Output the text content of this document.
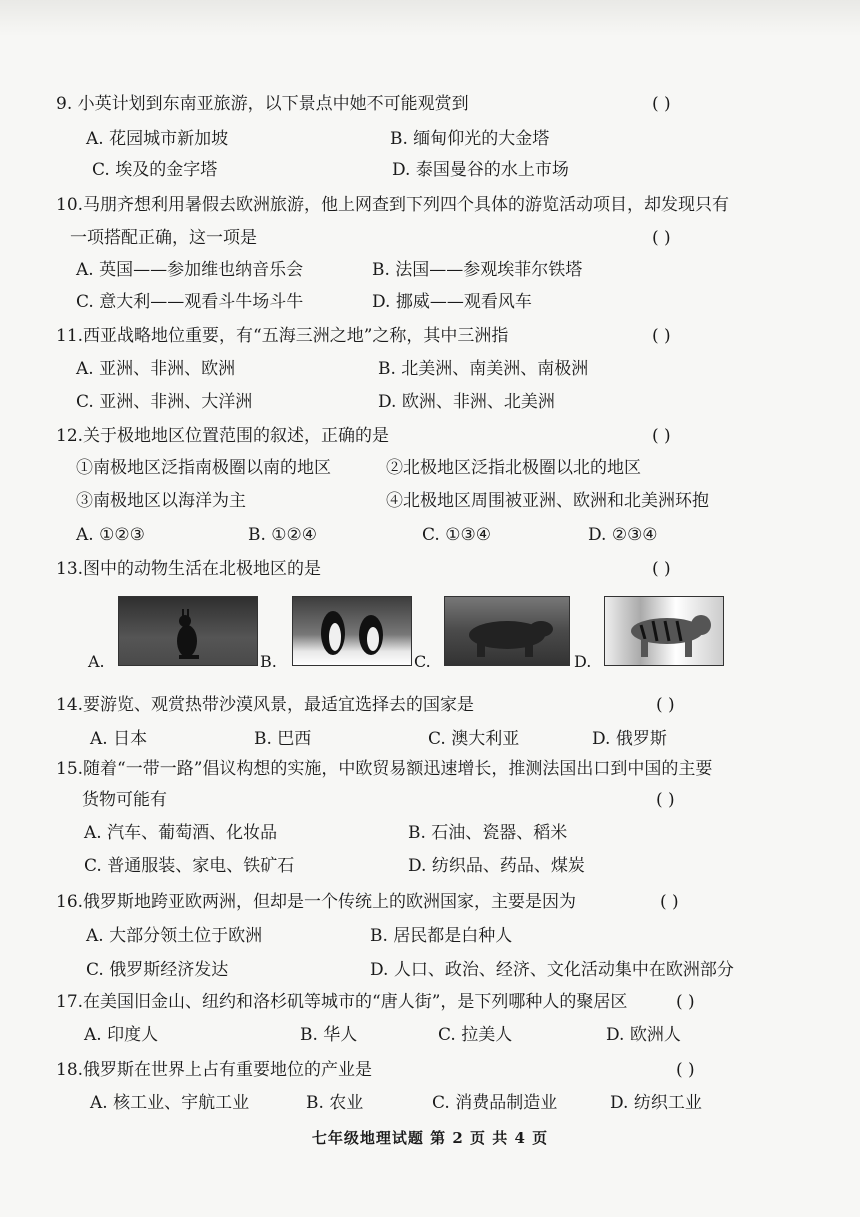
9. 小英计划到东南亚旅游，以下景点中她不可能观赏到	( )
A. 花园城市新加坡	B. 缅甸仰光的大金塔
C. 埃及的金字塔	D. 泰国曼谷的水上市场
10.马朋齐想利用暑假去欧洲旅游，他上网查到下列四个具体的游览活动项目，却发现只有
一项搭配正确，这一项是	( )
A. 英国——参加维也纳音乐会	B. 法国——参观埃菲尔铁塔
C. 意大利——观看斗牛场斗牛	D. 挪威——观看风车
11.西亚战略地位重要，有“五海三洲之地”之称，其中三洲指	( )
A. 亚洲、非洲、欧洲	B. 北美洲、南美洲、南极洲
C. 亚洲、非洲、大洋洲	D. 欧洲、非洲、北美洲
12.关于极地地区位置范围的叙述，正确的是	( )
①南极地区泛指南极圈以南的地区	②北极地区泛指北极圈以北的地区
③南极地区以海洋为主	④北极地区周围被亚洲、欧洲和北美洲环抱
A. ①②③	B. ①②④	C. ①③④	D. ②③④
13.图中的动物生活在北极地区的是	( )
A.	B.	C.	D.
14.要游览、观赏热带沙漠风景，最适宜选择去的国家是	( )
A. 日本	B. 巴西	C. 澳大利亚	D. 俄罗斯
15.随着“一带一路”倡议构想的实施，中欧贸易额迅速增长，推测法国出口到中国的主要
货物可能有	( )
A. 汽车、葡萄酒、化妆品	B. 石油、瓷器、稻米
C. 普通服装、家电、铁矿石	D. 纺织品、药品、煤炭
16.俄罗斯地跨亚欧两洲，但却是一个传统上的欧洲国家，主要是因为	( )
A. 大部分领土位于欧洲	B. 居民都是白种人
C. 俄罗斯经济发达	D. 人口、政治、经济、文化活动集中在欧洲部分
17.在美国旧金山、纽约和洛杉矶等城市的“唐人街”，是下列哪种人的聚居区	( )
A. 印度人	B. 华人	C. 拉美人	D. 欧洲人
18.俄罗斯在世界上占有重要地位的产业是	( )
A. 核工业、宇航工业	B. 农业	C. 消费品制造业	D. 纺织工业
七年级地理试题 第 2 页 共 4 页
